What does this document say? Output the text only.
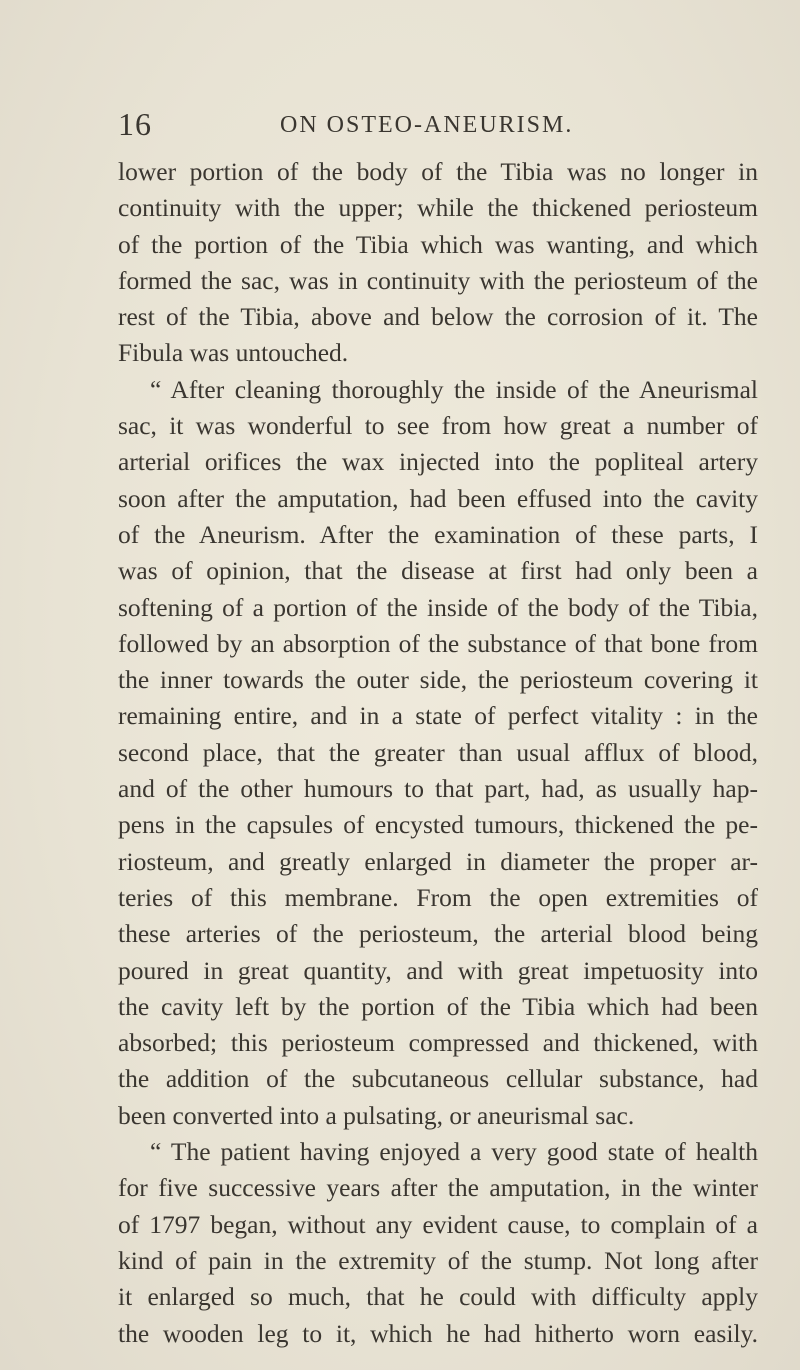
16	ON OSTEO-ANEURISM.

lower portion of the body of the Tibia was no longer in
continuity with the upper; while the thickened periosteum
of the portion of the Tibia which was wanting, and which
formed the sac, was in continuity with the periosteum of the
rest of the Tibia, above and below the corrosion of it. The
Fibula was untouched.

“ After cleaning thoroughly the inside of the Aneurismal
sac, it was wonderful to see from how great a number of
arterial orifices the wax injected into the popliteal artery
soon after the amputation, had been effused into the cavity
of the Aneurism. After the examination of these parts, I
was of opinion, that the disease at first had only been a
softening of a portion of the inside of the body of the Tibia,
followed by an absorption of the substance of that bone from
the inner towards the outer side, the periosteum covering it
remaining entire, and in a state of perfect vitality : in the
second place, that the greater than usual afflux of blood,
and of the other humours to that part, had, as usually hap-
pens in the capsules of encysted tumours, thickened the pe-
riosteum, and greatly enlarged in diameter the proper ar-
teries of this membrane. From the open extremities of
these arteries of the periosteum, the arterial blood being
poured in great quantity, and with great impetuosity into
the cavity left by the portion of the Tibia which had been
absorbed; this periosteum compressed and thickened, with
the addition of the subcutaneous cellular substance, had
been converted into a pulsating, or aneurismal sac.

“ The patient having enjoyed a very good state of health
for five successive years after the amputation, in the winter
of 1797 began, without any evident cause, to complain of a
kind of pain in the extremity of the stump. Not long after
it enlarged so much, that he could with difficulty apply
the wooden leg to it, which he had hitherto worn easily.
